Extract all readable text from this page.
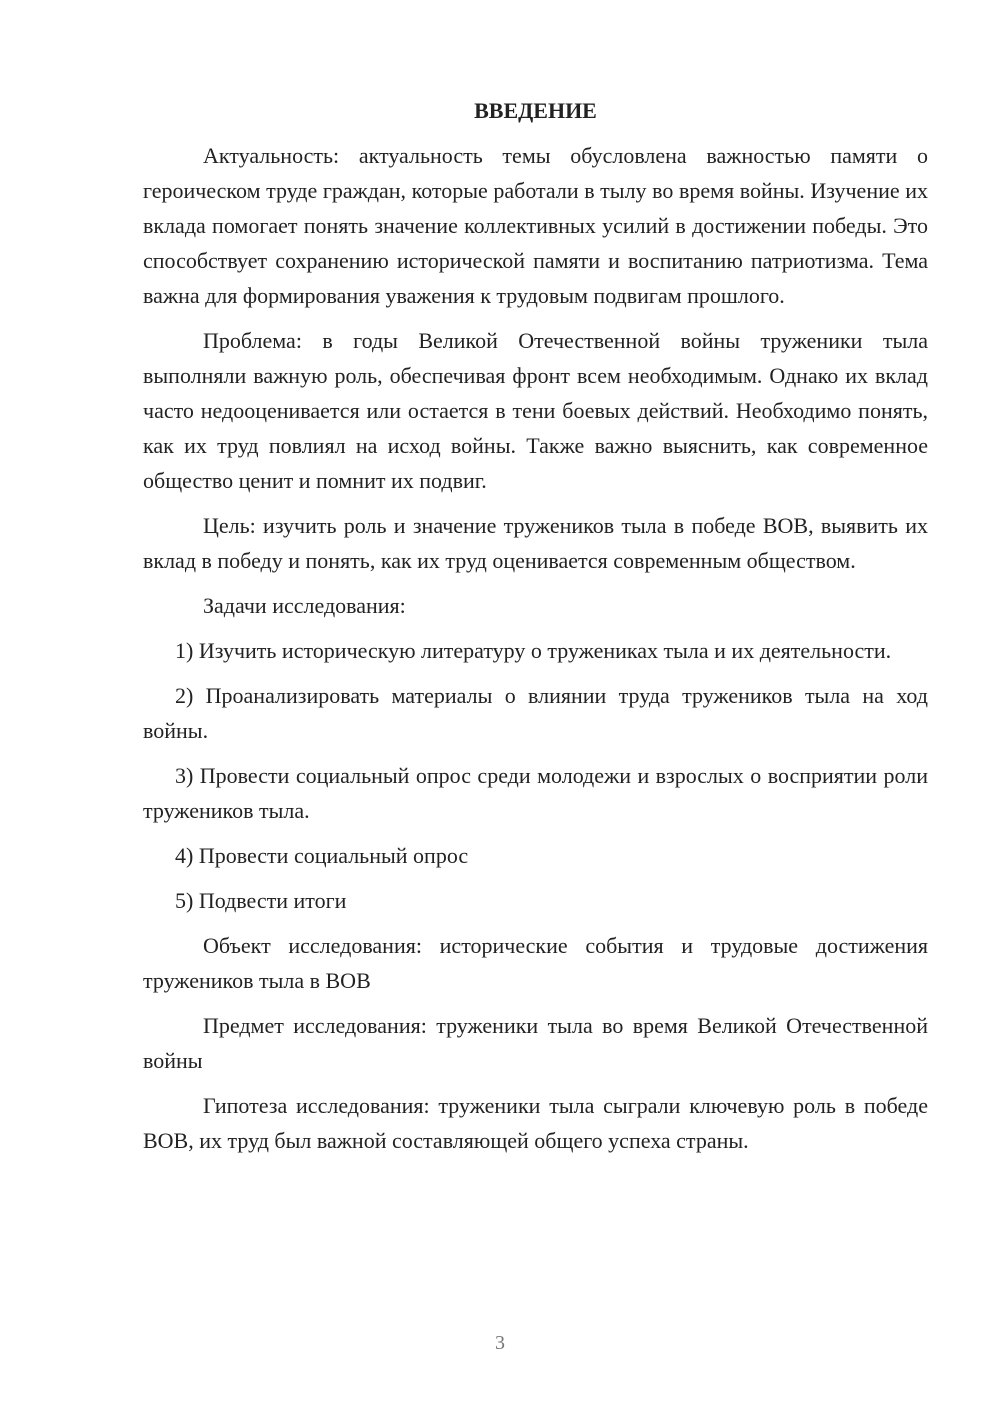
ВВЕДЕНИЕ

Актуальность: актуальность темы обусловлена важностью памяти о героическом труде граждан, которые работали в тылу во время войны. Изучение их вклада помогает понять значение коллективных усилий в достижении победы. Это способствует сохранению исторической памяти и воспитанию патриотизма. Тема важна для формирования уважения к трудовым подвигам прошлого.

Проблема: в годы Великой Отечественной войны труженики тыла выполняли важную роль, обеспечивая фронт всем необходимым. Однако их вклад часто недооценивается или остается в тени боевых действий. Необходимо понять, как их труд повлиял на исход войны. Также важно выяснить, как современное общество ценит и помнит их подвиг.

Цель: изучить роль и значение тружеников тыла в победе ВОВ, выявить их вклад в победу и понять, как их труд оценивается современным обществом.

Задачи исследования:

1) Изучить историческую литературу о тружениках тыла и их деятельности.

2) Проанализировать материалы о влиянии труда тружеников тыла на ход войны.

3) Провести социальный опрос среди молодежи и взрослых о восприятии роли тружеников тыла.

4) Провести социальный опрос

5) Подвести итоги

Объект исследования: исторические события и трудовые достижения тружеников тыла в ВОВ

Предмет исследования: труженики тыла во время Великой Отечественной войны

Гипотеза исследования: труженики тыла сыграли ключевую роль в победе ВОВ, их труд был важной составляющей общего успеха страны.

3
